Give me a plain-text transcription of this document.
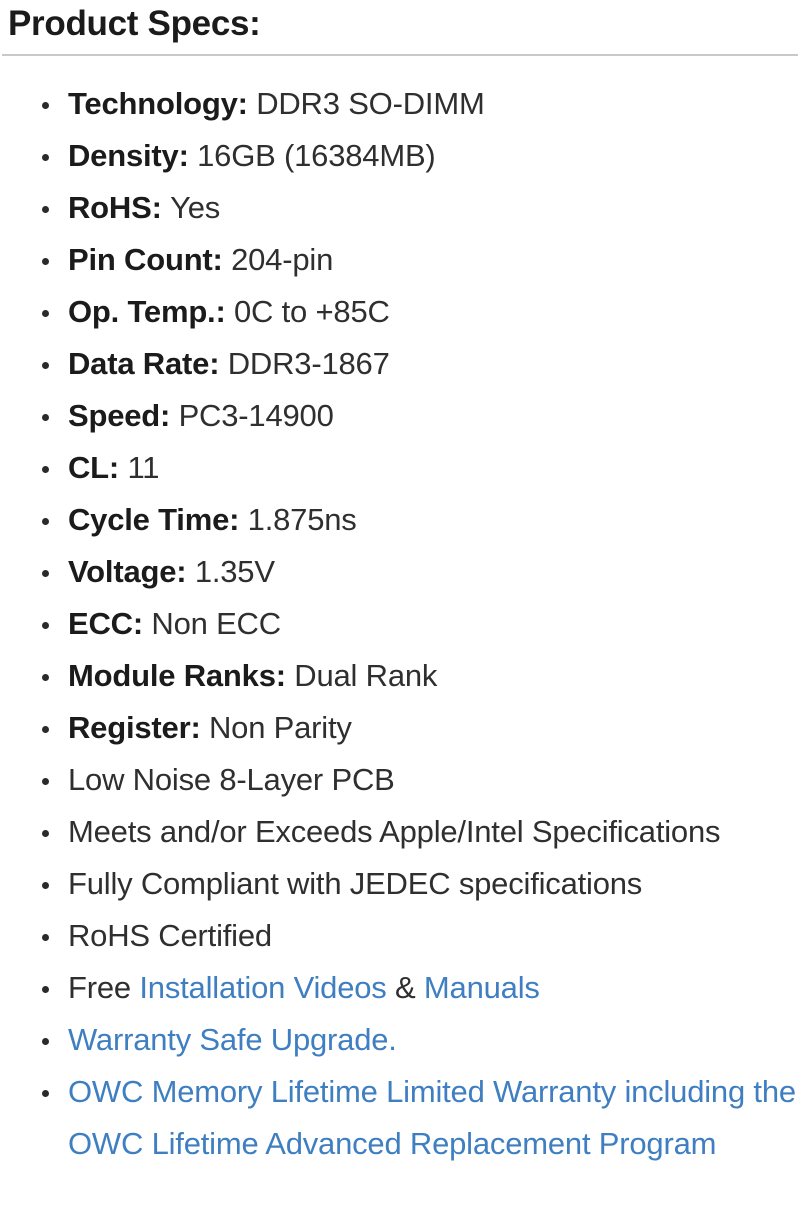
Product Specs:
Technology: DDR3 SO-DIMM
Density: 16GB (16384MB)
RoHS: Yes
Pin Count: 204-pin
Op. Temp.: 0C to +85C
Data Rate: DDR3-1867
Speed: PC3-14900
CL: 11
Cycle Time: 1.875ns
Voltage: 1.35V
ECC: Non ECC
Module Ranks: Dual Rank
Register: Non Parity
Low Noise 8-Layer PCB
Meets and/or Exceeds Apple/Intel Specifications
Fully Compliant with JEDEC specifications
RoHS Certified
Free Installation Videos & Manuals
Warranty Safe Upgrade.
OWC Memory Lifetime Limited Warranty including the OWC Lifetime Advanced Replacement Program
